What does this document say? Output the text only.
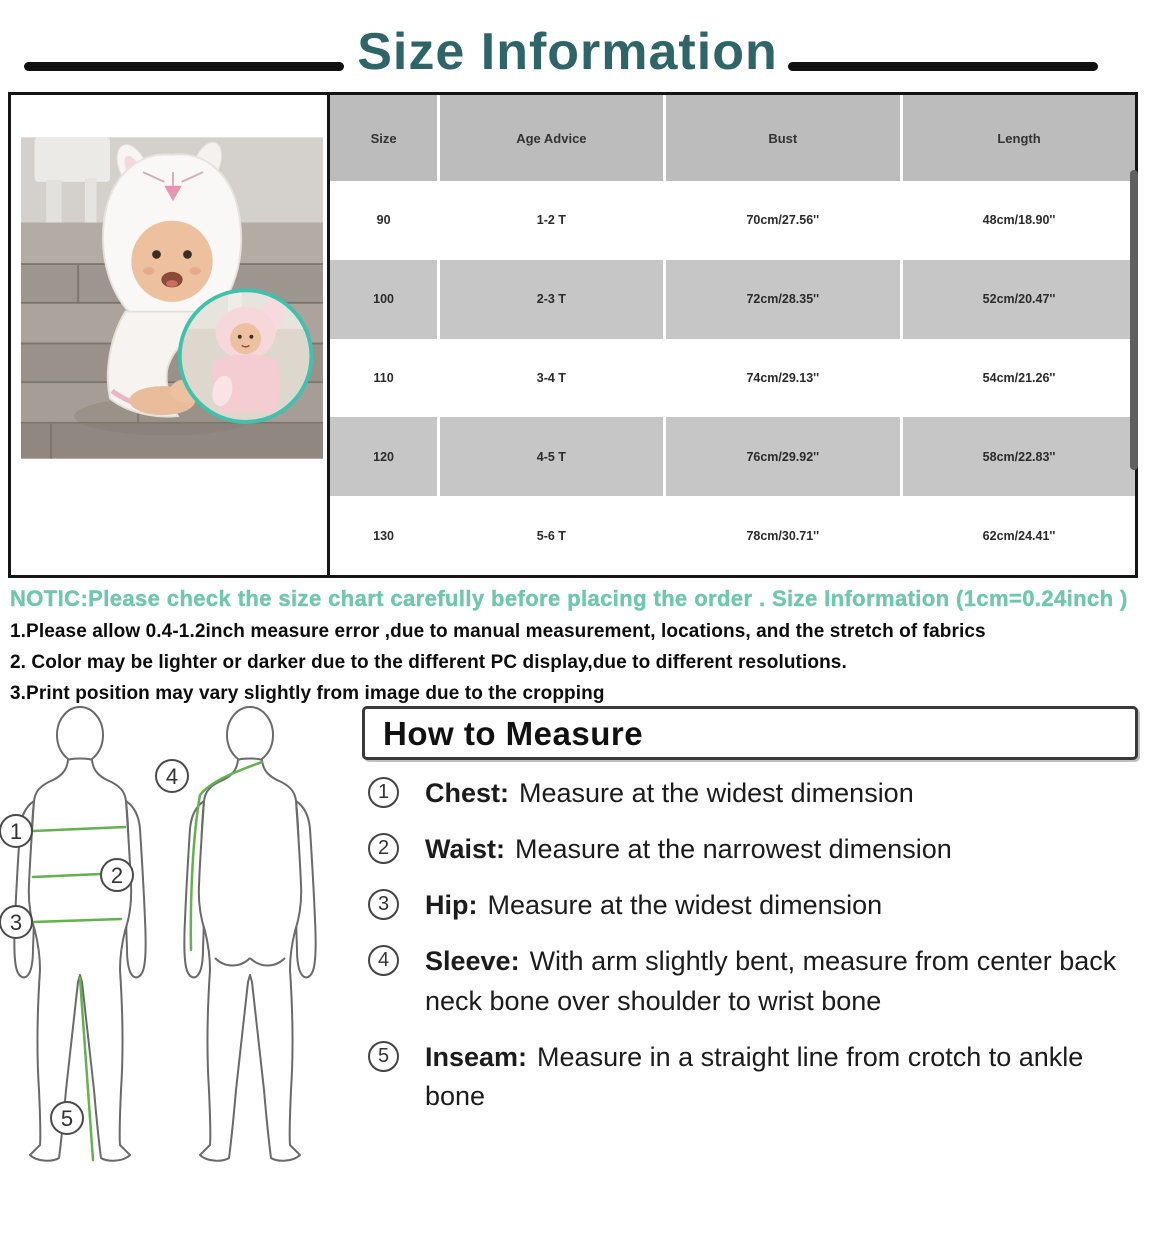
Size Information
Size	Age Advice	Bust	Length
90	1-2 T	70cm/27.56''	48cm/18.90''
100	2-3 T	72cm/28.35''	52cm/20.47''
110	3-4 T	74cm/29.13''	54cm/21.26''
120	4-5 T	76cm/29.92''	58cm/22.83''
130	5-6 T	78cm/30.71''	62cm/24.41''
NOTIC:Please check the size chart carefully before placing the order . Size Information (1cm=0.24inch )

1.Please allow 0.4-1.2inch measure error ,due to manual measurement, locations, and the stretch of fabrics

2. Color may be lighter or darker due to the different PC display,due to different resolutions.

3.Print position may vary slightly from image due to the cropping

1
2
3
4
5
How to Measure
1	Chest: Measure at the widest dimension

2	Waist: Measure at the narrowest dimension

3	Hip: Measure at the widest dimension

4	Sleeve: With arm slightly bent, measure from center back neck bone over shoulder to wrist bone

5	Inseam: Measure in a straight line from crotch to ankle bone
